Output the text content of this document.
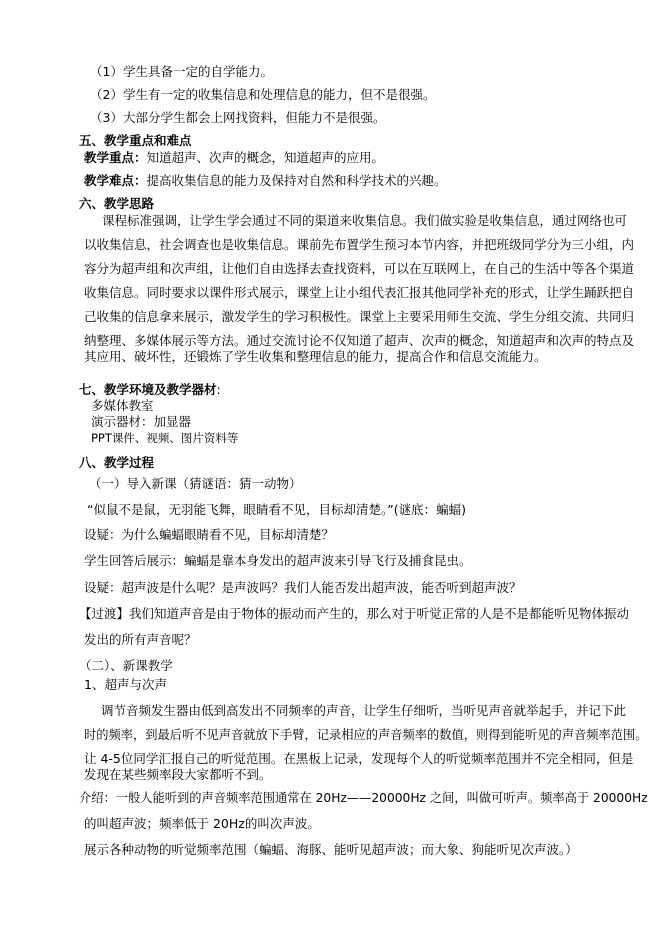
（1）学生具备一定的自学能力。
（2）学生有一定的收集信息和处理信息的能力，但不是很强。
（3）大部分学生都会上网找资料，但能力不是很强。
五、教学重点和难点
教学重点：知道超声、次声的概念，知道超声的应用。
教学难点：提高收集信息的能力及保持对自然和科学技术的兴趣。
六、教学思路
课程标准强调，让学生学会通过不同的渠道来收集信息。我们做实验是收集信息，通过网络也可
以收集信息，社会调查也是收集信息。课前先布置学生预习本节内容，并把班级同学分为三小组，内
容分为超声组和次声组，让他们自由选择去查找资料，可以在互联网上，在自己的生活中等各个渠道
收集信息。同时要求以课件形式展示，课堂上让小组代表汇报其他同学补充的形式，让学生踊跃把自
己收集的信息拿来展示，激发学生的学习积极性。课堂上主要采用师生交流、学生分组交流、共同归
纳整理、多媒体展示等方法。通过交流讨论不仅知道了超声、次声的概念，知道超声和次声的特点及
其应用、破坏性，还锻炼了学生收集和整理信息的能力，提高合作和信息交流能力。
七、教学环境及教学器材:
多媒体教室
演示器材：加显器
PPT课件、视频、图片资料等
八、教学过程
（一）导入新课（猜谜语：猜一动物）
“似鼠不是鼠，无羽能飞舞，眼睛看不见，目标却清楚。”(谜底：蝙蝠)
设疑：为什么蝙蝠眼睛看不见，目标却清楚？
学生回答后展示：蝙蝠是靠本身发出的超声波来引导飞行及捕食昆虫。
设疑：超声波是什么呢？是声波吗？我们人能否发出超声波，能否听到超声波？
【过渡】我们知道声音是由于物体的振动而产生的，那么对于听觉正常的人是不是都能听见物体振动
发出的所有声音呢？
（二）、新课教学
1、超声与次声
调节音频发生器由低到高发出不同频率的声音，让学生仔细听，当听见声音就举起手，并记下此
时的频率，到最后听不见声音就放下手臂，记录相应的声音频率的数值，则得到能听见的声音频率范围。
让 4-5位同学汇报自己的听觉范围。在黑板上记录，发现每个人的听觉频率范围并不完全相同，但是
发现在某些频率段大家都听不到。
介绍：一般人能听到的声音频率范围通常在 20Hz——20000Hz 之间，叫做可听声。频率高于 20000Hz
的叫超声波；频率低于 20Hz的叫次声波。
展示各种动物的听觉频率范围（蝙蝠、海豚、能听见超声波；而大象、狗能听见次声波。）
